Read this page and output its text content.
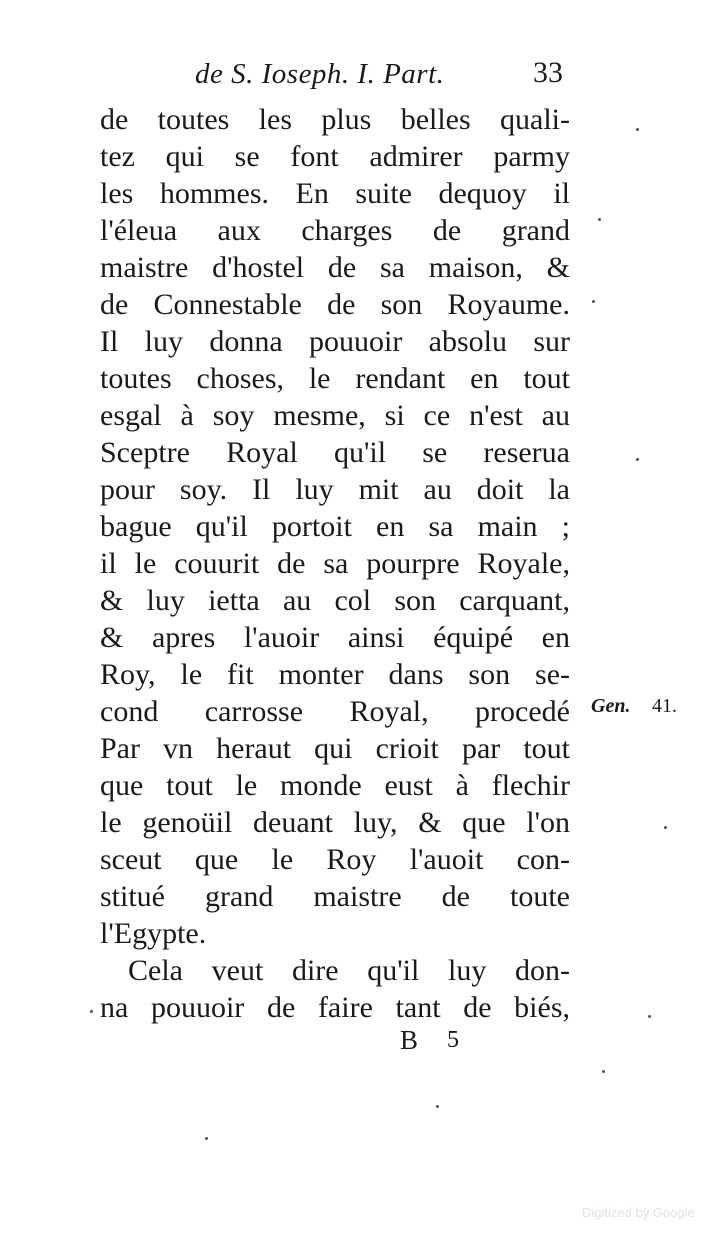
de S. Ioseph. I. Part.	33
de toutes les plus belles quali-
tez qui se font admirer parmy
les hommes. En suite dequoy il
l'éleua aux charges de grand
maistre d'hostel de sa maison, &
de Connestable de son Royaume.
Il luy donna pouuoir absolu sur
toutes choses, le rendant en tout
esgal à soy mesme, si ce n'est au
Sceptre Royal qu'il se reserua
pour soy. Il luy mit au doit la
bague qu'il portoit en sa main ;
il le couurit de sa pourpre Royale,
& luy ietta au col son carquant,
& apres l'auoir ainsi équipé en
Roy, le fit monter dans son se-
cond carrosse Royal, procedé
Par vn heraut qui crioit par tout
que tout le monde eust à flechir
le genoüil deuant luy, & que l'on
sceut que le Roy l'auoit con-
stitué grand maistre de toute
l'Egypte.
Cela veut dire qu'il luy don-
na pouuoir de faire tant de biés,
Gen. 41.
B 5
Digitized by Google
